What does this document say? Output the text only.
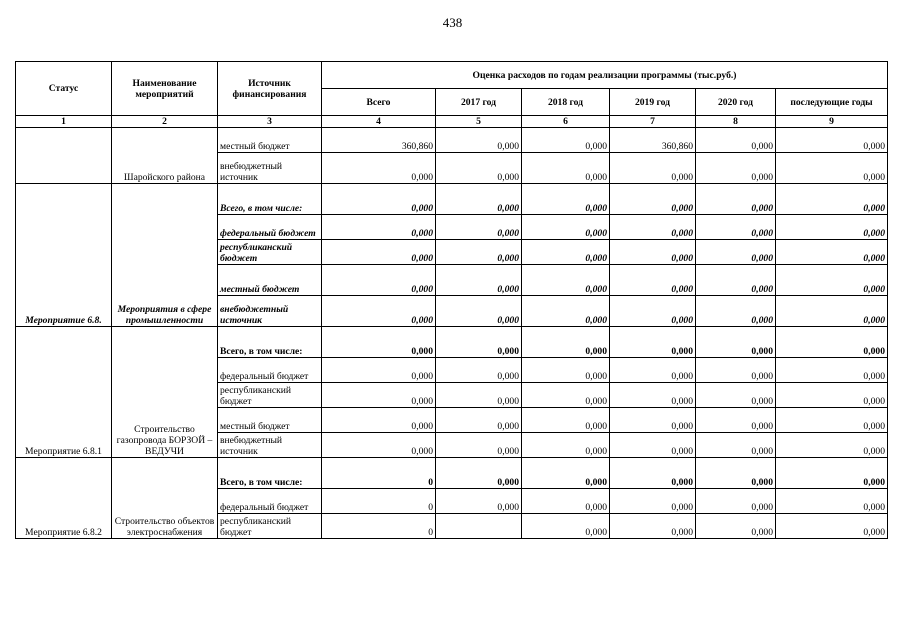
438
Статус	Наименование мероприятий	Источник финансирования	Оценка расходов по годам реализации программы (тыс.руб.)					
			Всего	2017 год	2018 год	2019 год	2020 год	последующие годы
1	2	3	4	5	6	7	8	9
	Шаройского района	местный бюджет	360,860	0,000	0,000	360,860	0,000	0,000
		внебюджетный источник	0,000	0,000	0,000	0,000	0,000	0,000
Мероприятие 6.8.	Мероприятия в сфере промышленности	Всего, в том числе:	0,000	0,000	0,000	0,000	0,000	0,000
		федеральный бюджет	0,000	0,000	0,000	0,000	0,000	0,000
		республиканский бюджет	0,000	0,000	0,000	0,000	0,000	0,000
		местный бюджет	0,000	0,000	0,000	0,000	0,000	0,000
		внебюджетный источник	0,000	0,000	0,000	0,000	0,000	0,000
Мероприятие 6.8.1	Строительство газопровода БОРЗОЙ – ВЕДУЧИ	Всего, в том числе:	0,000	0,000	0,000	0,000	0,000	0,000
		федеральный бюджет	0,000	0,000	0,000	0,000	0,000	0,000
		республиканский бюджет	0,000	0,000	0,000	0,000	0,000	0,000
		местный бюджет	0,000	0,000	0,000	0,000	0,000	0,000
		внебюджетный источник	0,000	0,000	0,000	0,000	0,000	0,000
Мероприятие 6.8.2	Строительство объектов электроснабжения	Всего, в том числе:	0	0,000	0,000	0,000	0,000	0,000
		федеральный бюджет	0	0,000	0,000	0,000	0,000	0,000
		республиканский бюджет	0		0,000	0,000	0,000	0,000
